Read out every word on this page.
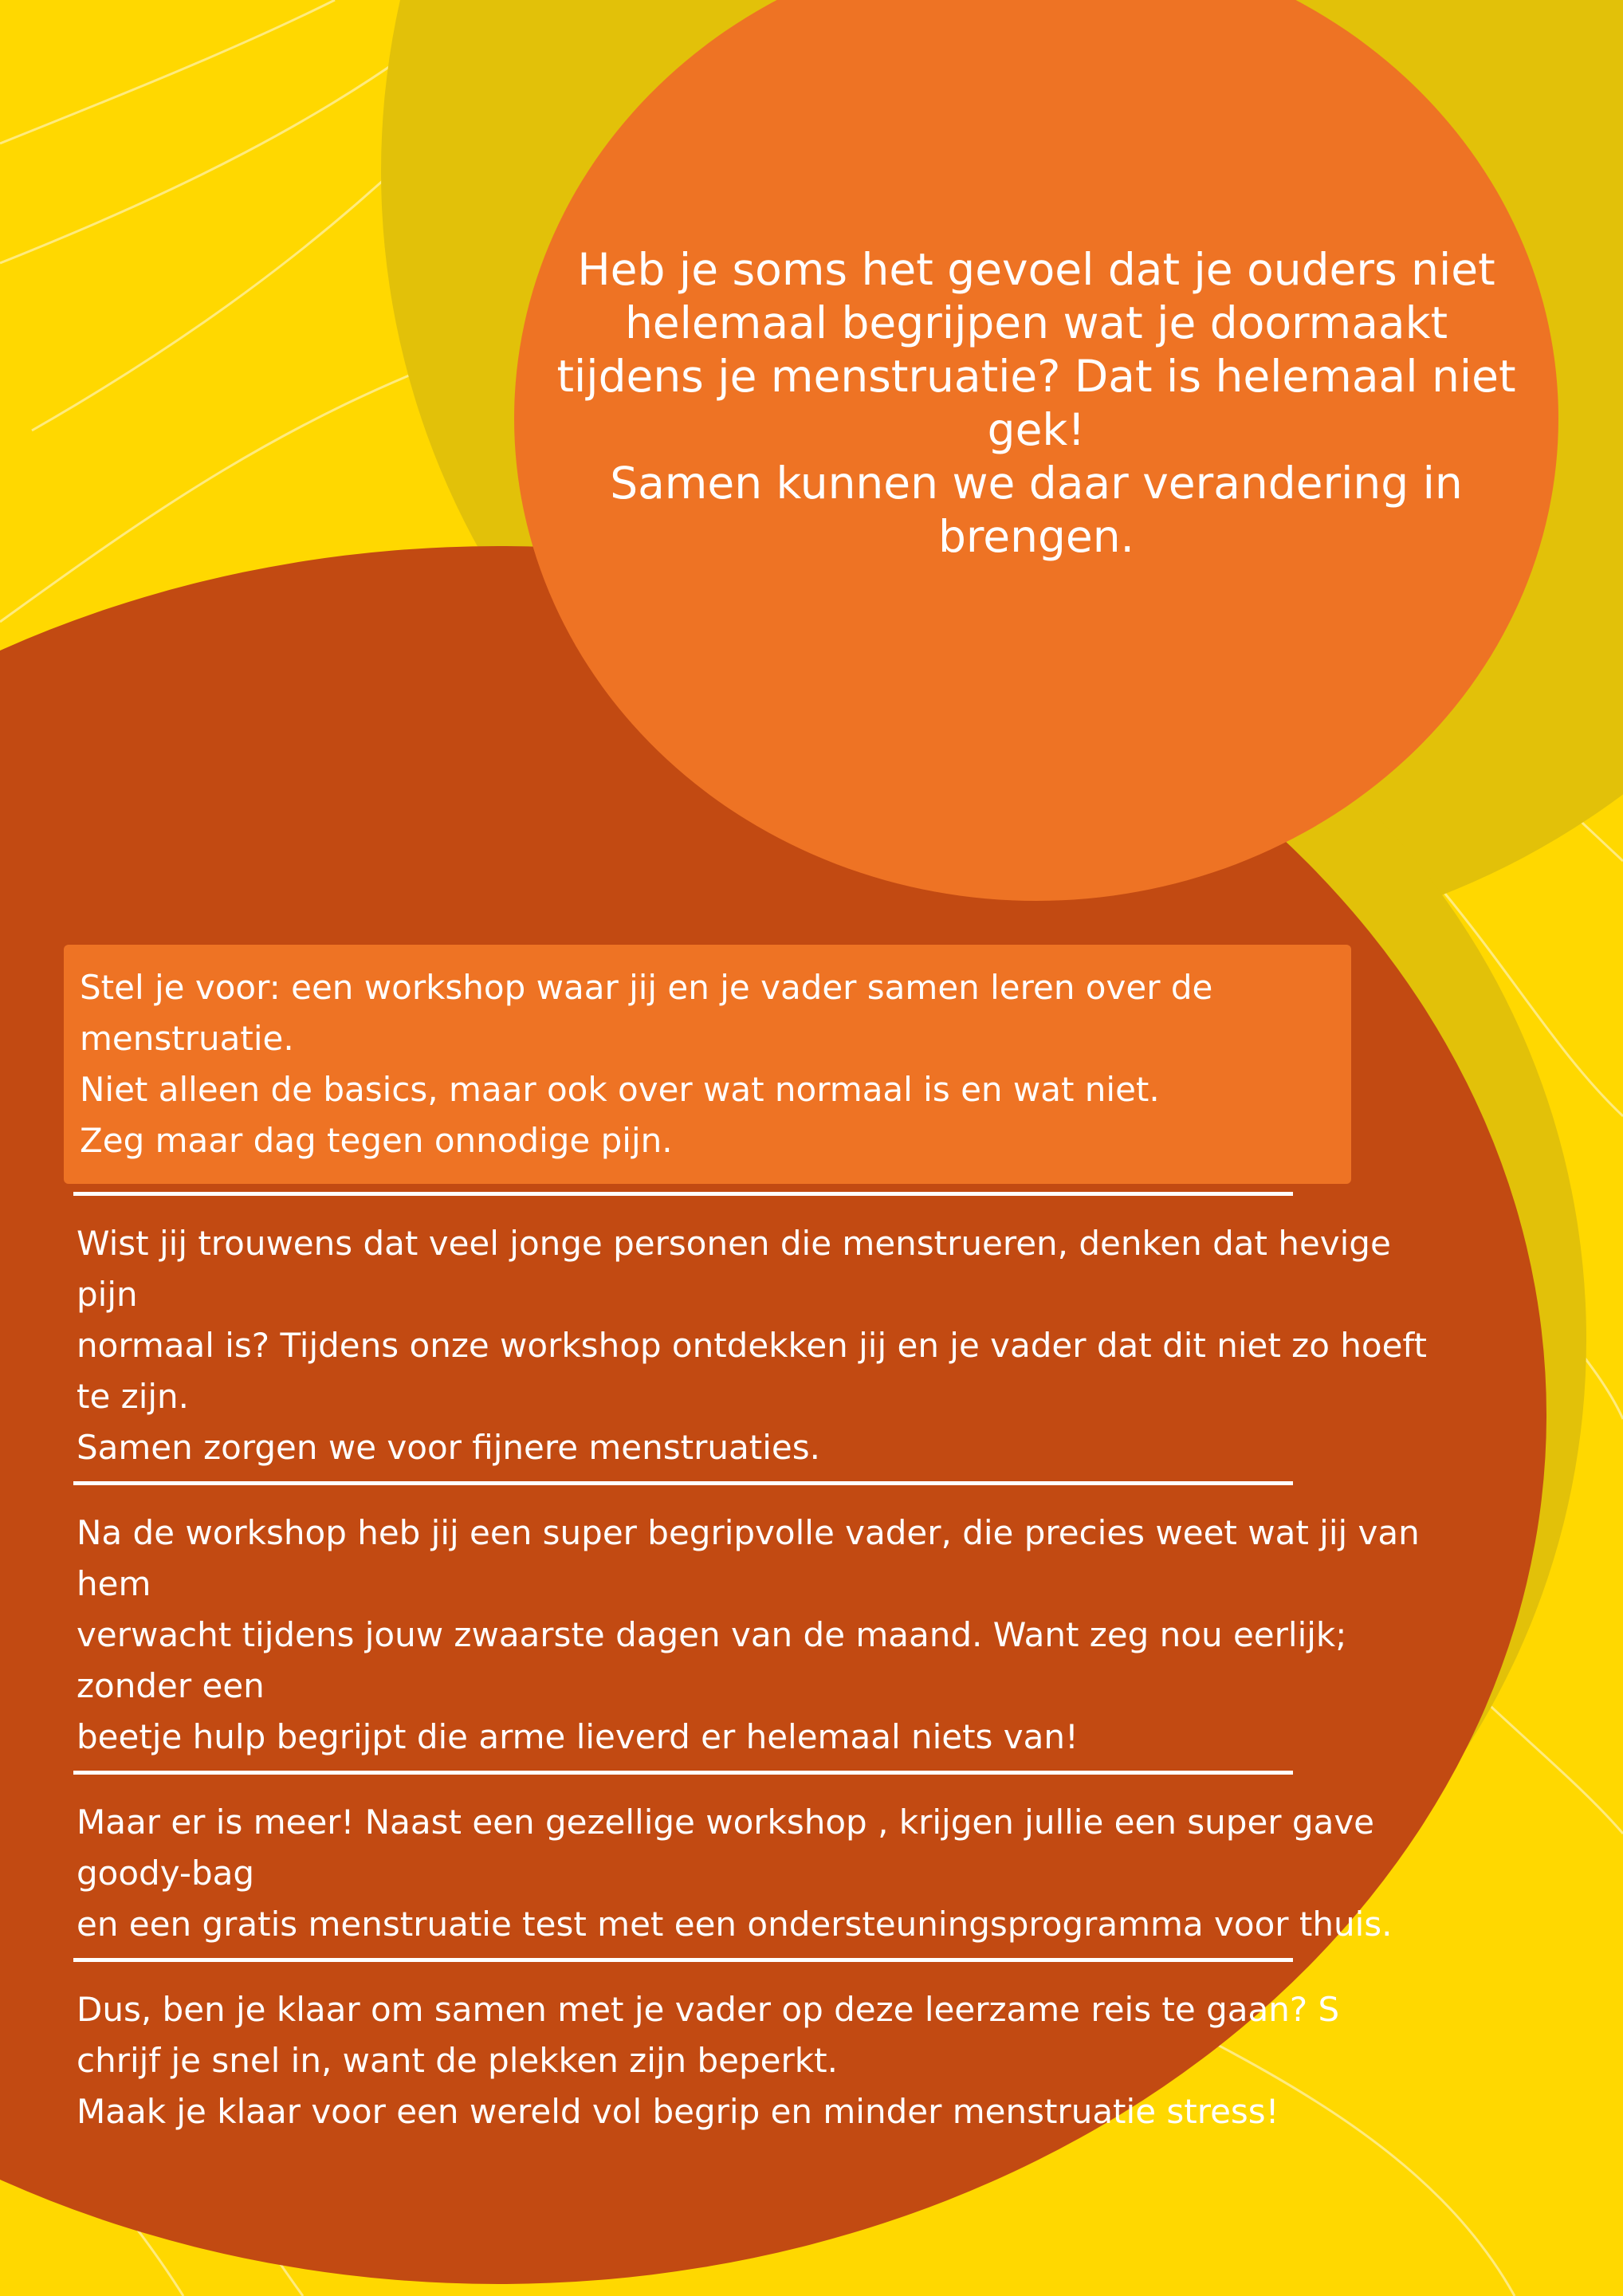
Heb je soms het gevoel dat je ouders niet
helemaal begrijpen wat je doormaakt
tijdens je menstruatie? Dat is helemaal niet gek!
Samen kunnen we daar verandering in brengen.

Stel je voor: een workshop waar jij en je vader samen leren over de menstruatie.
Niet alleen de basics, maar ook over wat normaal is en wat niet.
Zeg maar dag tegen onnodige pijn.

Wist jij trouwens dat veel jonge personen die menstrueren, denken dat hevige pijn
normaal is? Tijdens onze workshop ontdekken jij en je vader dat dit niet zo hoeft te zijn.
Samen zorgen we voor fijnere menstruaties.

Na de workshop heb jij een super begripvolle vader, die precies weet wat jij van hem
verwacht tijdens jouw zwaarste dagen van de maand. Want zeg nou eerlijk; zonder een
beetje hulp begrijpt die arme lieverd er helemaal niets van!

Maar er is meer! Naast een gezellige workshop , krijgen jullie een super gave goody-bag
en een gratis menstruatie test met een ondersteuningsprogramma voor thuis.

Dus, ben je klaar om samen met je vader op deze leerzame reis te gaan? S
chrijf je snel in, want de plekken zijn beperkt.
Maak je klaar voor een wereld vol begrip en minder menstruatie stress!
